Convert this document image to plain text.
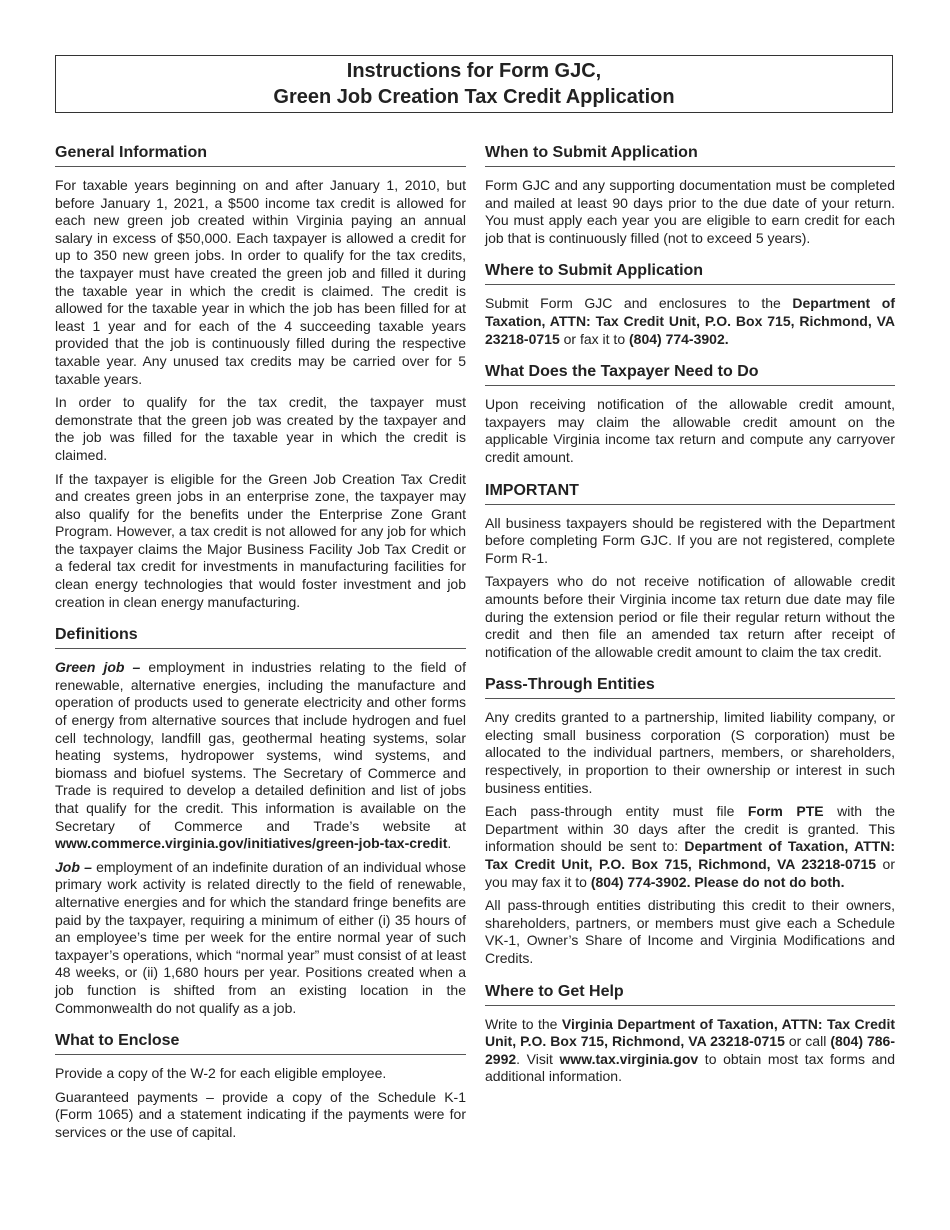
Instructions for Form GJC,
Green Job Creation Tax Credit Application
General Information

For taxable years beginning on and after January 1, 2010, but before January 1, 2021, a $500 income tax credit is allowed for each new green job created within Virginia paying an annual salary in excess of $50,000. Each taxpayer is allowed a credit for up to 350 new green jobs. In order to qualify for the tax credits, the taxpayer must have created the green job and filled it during the taxable year in which the credit is claimed. The credit is allowed for the taxable year in which the job has been filled for at least 1 year and for each of the 4 succeeding taxable years provided that the job is continuously filled during the respective taxable year. Any unused tax credits may be carried over for 5 taxable years.

In order to qualify for the tax credit, the taxpayer must demonstrate that the green job was created by the taxpayer and the job was filled for the taxable year in which the credit is claimed.

If the taxpayer is eligible for the Green Job Creation Tax Credit and creates green jobs in an enterprise zone, the taxpayer may also qualify for the benefits under the Enterprise Zone Grant Program. However, a tax credit is not allowed for any job for which the taxpayer claims the Major Business Facility Job Tax Credit or a federal tax credit for investments in manufacturing facilities for clean energy technologies that would foster investment and job creation in clean energy manufacturing.

Definitions

Green job – employment in industries relating to the field of renewable, alternative energies, including the manufacture and operation of products used to generate electricity and other forms of energy from alternative sources that include hydrogen and fuel cell technology, landfill gas, geothermal heating systems, solar heating systems, hydropower systems, wind systems, and biomass and biofuel systems. The Secretary of Commerce and Trade is required to develop a detailed definition and list of jobs that qualify for the credit. This information is available on the Secretary of Commerce and Trade’s website at www.commerce.virginia.gov/initiatives/green-job-tax-credit.

Job – employment of an indefinite duration of an individual whose primary work activity is related directly to the field of renewable, alternative energies and for which the standard fringe benefits are paid by the taxpayer, requiring a minimum of either (i) 35 hours of an employee’s time per week for the entire normal year of such taxpayer’s operations, which “normal year” must consist of at least 48 weeks, or (ii) 1,680 hours per year. Positions created when a job function is shifted from an existing location in the Commonwealth do not qualify as a job.

What to Enclose

Provide a copy of the W-2 for each eligible employee.

Guaranteed payments – provide a copy of the Schedule K-1 (Form 1065) and a statement indicating if the payments were for services or the use of capital.

When to Submit Application

Form GJC and any supporting documentation must be completed and mailed at least 90 days prior to the due date of your return. You must apply each year you are eligible to earn credit for each job that is continuously filled (not to exceed 5 years).

Where to Submit Application

Submit Form GJC and enclosures to the Department of Taxation, ATTN: Tax Credit Unit, P.O. Box 715, Richmond, VA 23218-0715 or fax it to (804) 774-3902.

What Does the Taxpayer Need to Do

Upon receiving notification of the allowable credit amount, taxpayers may claim the allowable credit amount on the applicable Virginia income tax return and compute any carryover credit amount.

IMPORTANT

All business taxpayers should be registered with the Department before completing Form GJC. If you are not registered, complete Form R-1.

Taxpayers who do not receive notification of allowable credit amounts before their Virginia income tax return due date may file during the extension period or file their regular return without the credit and then file an amended tax return after receipt of notification of the allowable credit amount to claim the tax credit.

Pass-Through Entities

Any credits granted to a partnership, limited liability company, or electing small business corporation (S corporation) must be allocated to the individual partners, members, or shareholders, respectively, in proportion to their ownership or interest in such business entities.

Each pass-through entity must file Form PTE with the Department within 30 days after the credit is granted. This information should be sent to: Department of Taxation, ATTN: Tax Credit Unit, P.O. Box 715, Richmond, VA 23218-0715 or you may fax it to (804) 774-3902. Please do not do both.

All pass-through entities distributing this credit to their owners, shareholders, partners, or members must give each a Schedule VK-1, Owner’s Share of Income and Virginia Modifications and Credits.

Where to Get Help

Write to the Virginia Department of Taxation, ATTN: Tax Credit Unit, P.O. Box 715, Richmond, VA 23218-0715 or call (804) 786-2992. Visit www.tax.virginia.gov to obtain most tax forms and additional information.
